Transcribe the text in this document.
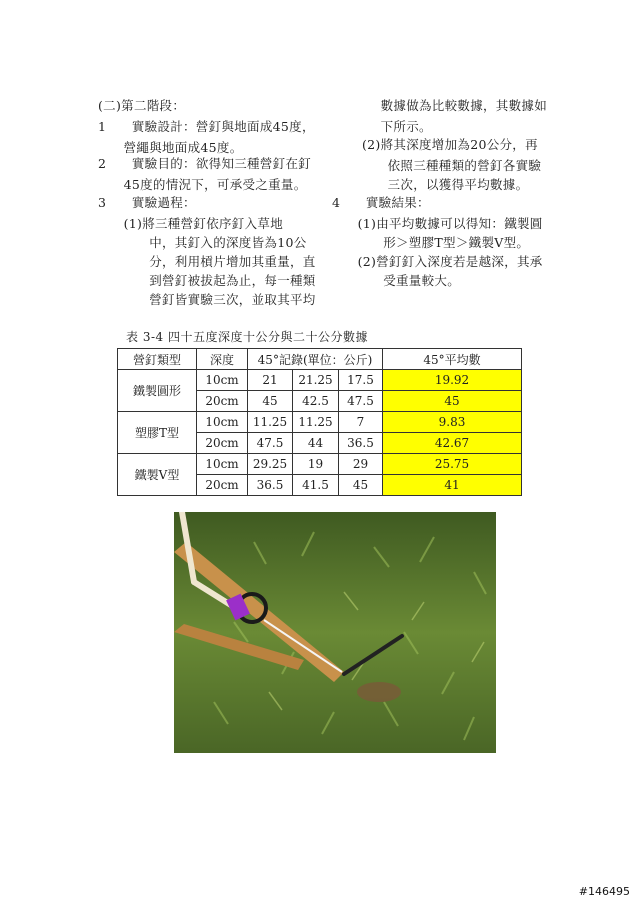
(二)第二階段：
1　　實驗設計：營釘與地面成45度，
　　營繩與地面成45度。
2　　實驗目的：欲得知三種營釘在釘
　　45度的情況下，可承受之重量。
3　　實驗過程：
　　(1)將三種營釘依序釘入草地
　　　　中，其釘入的深度皆為10公
　　　　分，利用槓片增加其重量，直
　　　　到營釘被拔起為止，每一種類
　　　　營釘皆實驗三次，並取其平均
　　數據做為比較數據，其數據如
　　下所示。
(2)將其深度增加為20公分，再
　　依照三種種類的營釘各實驗
　　三次，以獲得平均數據。
4　　實驗結果：
　　(1)由平均數據可以得知：鐵製圓
　　　　形＞塑膠T型＞鐵製V型。
　　(2)營釘釘入深度若是越深，其承
　　　　受重量較大。
表 3-4 四十五度深度十公分與二十公分數據
營釘類型	深度	45°記錄(單位：公斤)			45°平均數
鐵製圓形	10cm	21	21.25	17.5	19.92
	20cm	45	42.5	47.5	45
塑膠T型	10cm	11.25	11.25	7	9.83
	20cm	47.5	44	36.5	42.67
鐵製V型	10cm	29.25	19	29	25.75
	20cm	36.5	41.5	45	41
#146495
